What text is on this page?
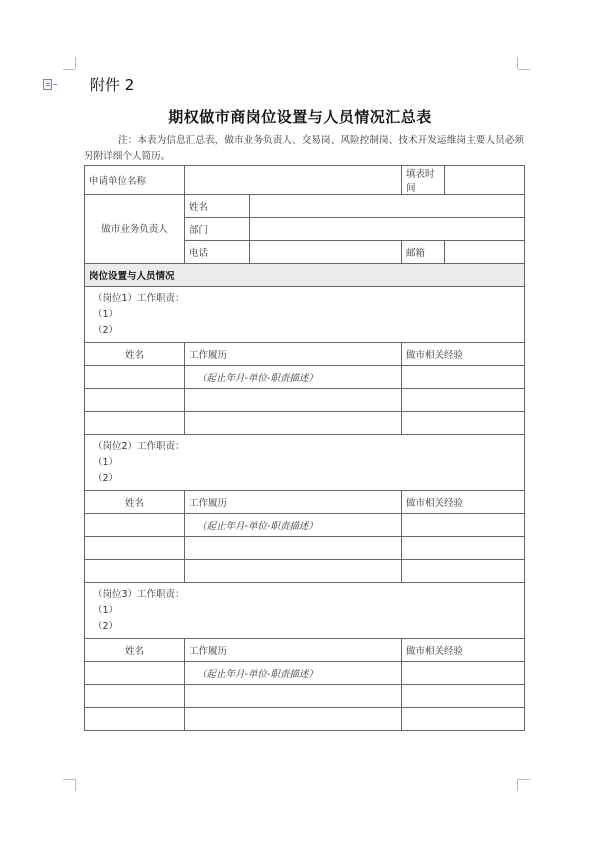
附件 2
期权做市商岗位设置与人员情况汇总表
注：本表为信息汇总表，做市业务负责人、交易岗、风险控制岗、技术开发运维岗主要人员必须另附详细个人简历。
申请单位名称			填表时间	
做市业务负责人	姓名			
	部门			
	电话		邮箱	
岗位设置与人员情况				

（岗位1）工作职责：
（1）
（2）				

姓名	工作履历		做市相关经验	
	（起止年月-单位-职责描述）			

（岗位2）工作职责：
（1）
（2）				

姓名	工作履历		做市相关经验	
	（起止年月-单位-职责描述）			

（岗位3）工作职责：
（1）
（2）				

姓名	工作履历		做市相关经验	
	（起止年月-单位-职责描述）			
